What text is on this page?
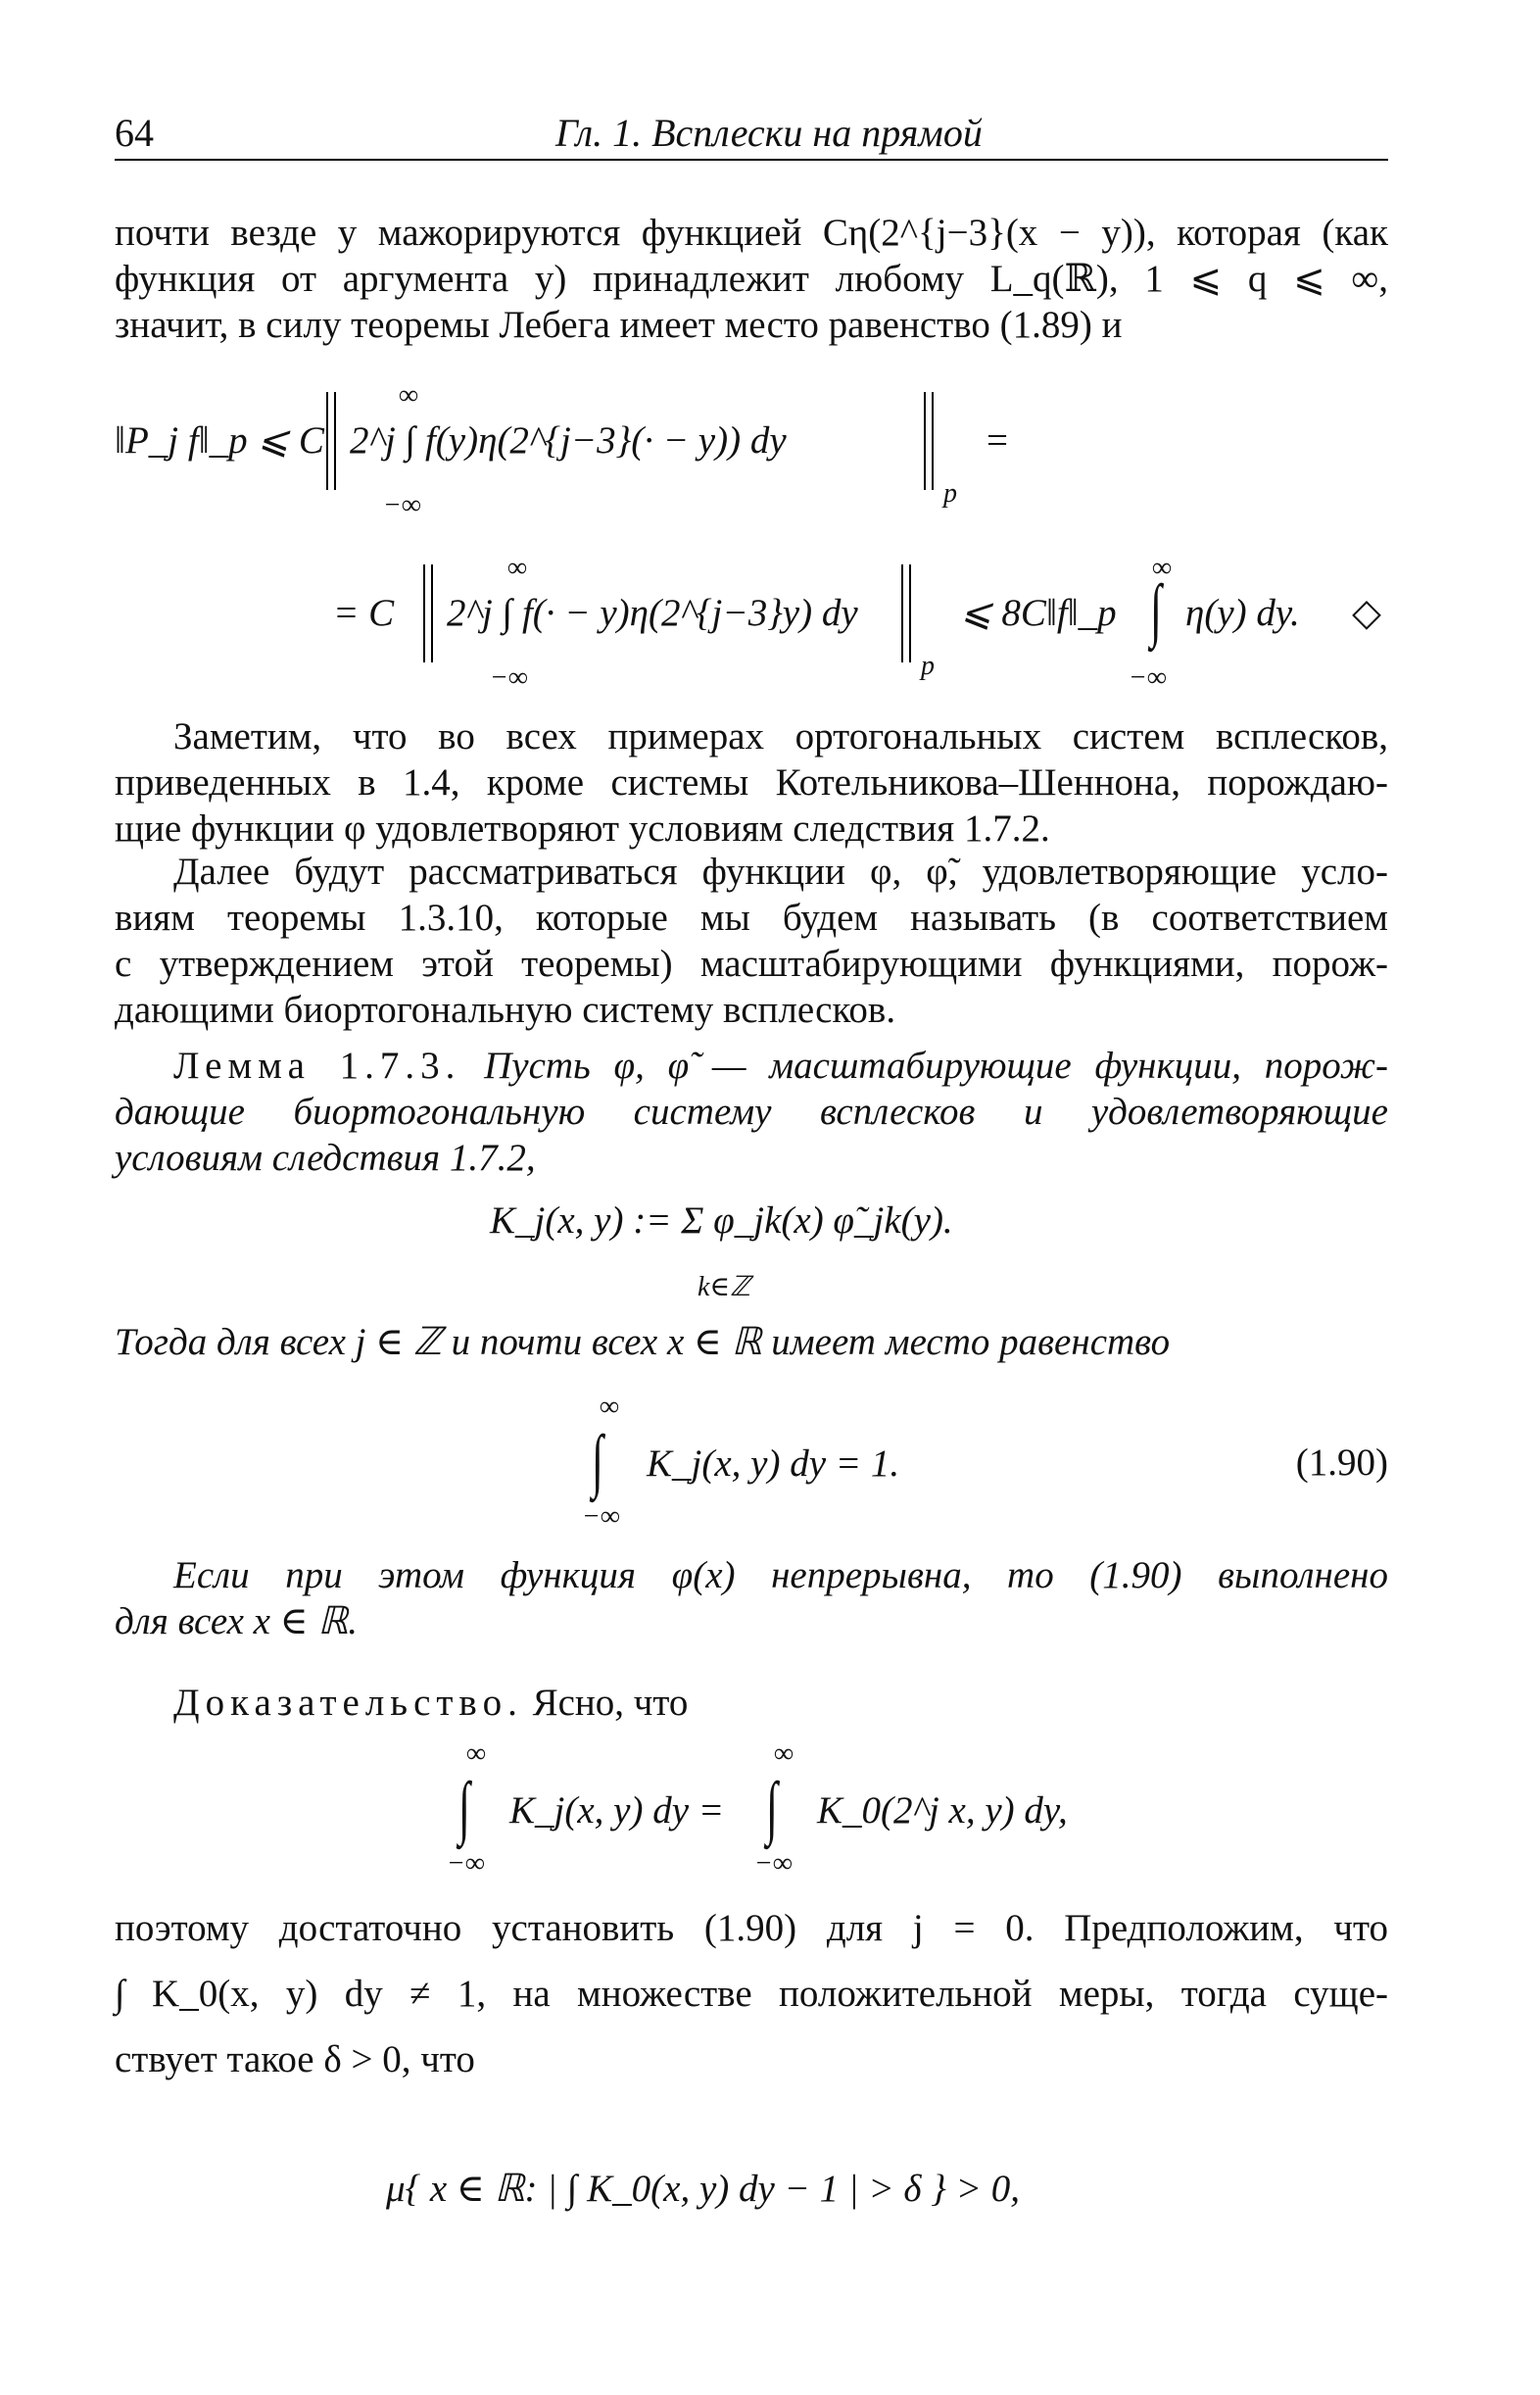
64	Гл. 1. Всплески на прямой
почти везде y мажорируются функцией Cη(2^{j−3}(x − y)), которая (как
функция от аргумента y) принадлежит любому L_q(ℝ), 1 ⩽ q ⩽ ∞,
значит, в силу теоремы Лебега имеет место равенство (1.89) и
‖P_j f‖_p ⩽ C
∞
2^j ∫ f(y)η(2^{j−3}(· − y)) dy
−∞	p
=
= C
∞
2^j ∫ f(· − y)η(2^{j−3}y) dy
−∞	p
⩽ 8C‖f‖_p
∞
∫
−∞
η(y) dy. ◇
Заметим, что во всех примерах ортогональных систем всплесков,
приведенных в 1.4, кроме системы Котельникова–Шеннона, порождаю-
щие функции φ удовлетворяют условиям следствия 1.7.2.
Далее будут рассматриваться функции φ, φ̃, удовлетворяющие усло-
виям теоремы 1.3.10, которые мы будем называть (в соответствием
с утверждением этой теоремы) масштабирующими функциями, порож-
дающими биортогональную систему всплесков.
Лемма 1.7.3. Пусть φ, φ̃ — масштабирующие функции, порож-
дающие биортогональную систему всплесков и удовлетворяющие
условиям следствия 1.7.2,
K_j(x, y) := Σ φ_jk(x) φ̃_jk(y).
k∈ℤ
Тогда для всех j ∈ ℤ и почти всех x ∈ ℝ имеет место равенство
∞
∫ K_j(x, y) dy = 1.
−∞
(1.90)
Если при этом функция φ(x) непрерывна, то (1.90) выполнено
для всех x ∈ ℝ.
Доказательство. Ясно, что
∞
∫ K_j(x, y) dy =
−∞
∞
∫ K_0(2^j x, y) dy,
−∞
поэтому достаточно установить (1.90) для j = 0. Предположим, что
∫ K_0(x, y) dy ≠ 1, на множестве положительной меры, тогда суще-
ствует такое δ > 0, что
μ{ x ∈ ℝ: | ∫ K_0(x, y) dy − 1 | > δ } > 0,
